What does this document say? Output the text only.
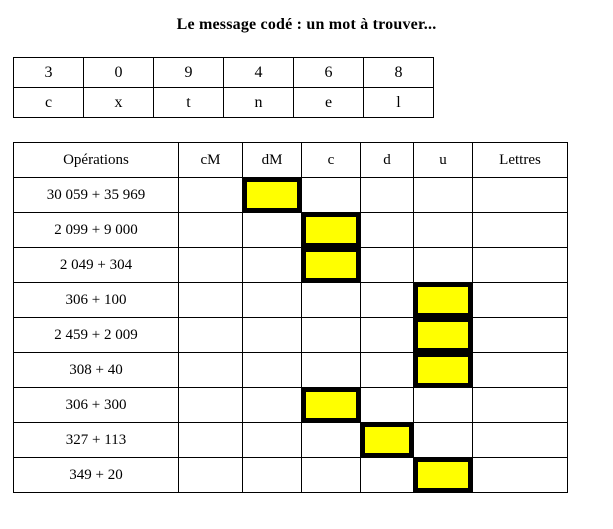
Le message codé : un mot à trouver...
3	0	9	4	6	8
c	x	t	n	e	l
Opérations	cM	dM	c	d	u	Lettres
30 059 + 35 969						
2 099 + 9 000						
2 049 + 304						
306 + 100						
2 459 + 2 009						
308 + 40						
306 + 300						
327 + 113						
349 + 20						
